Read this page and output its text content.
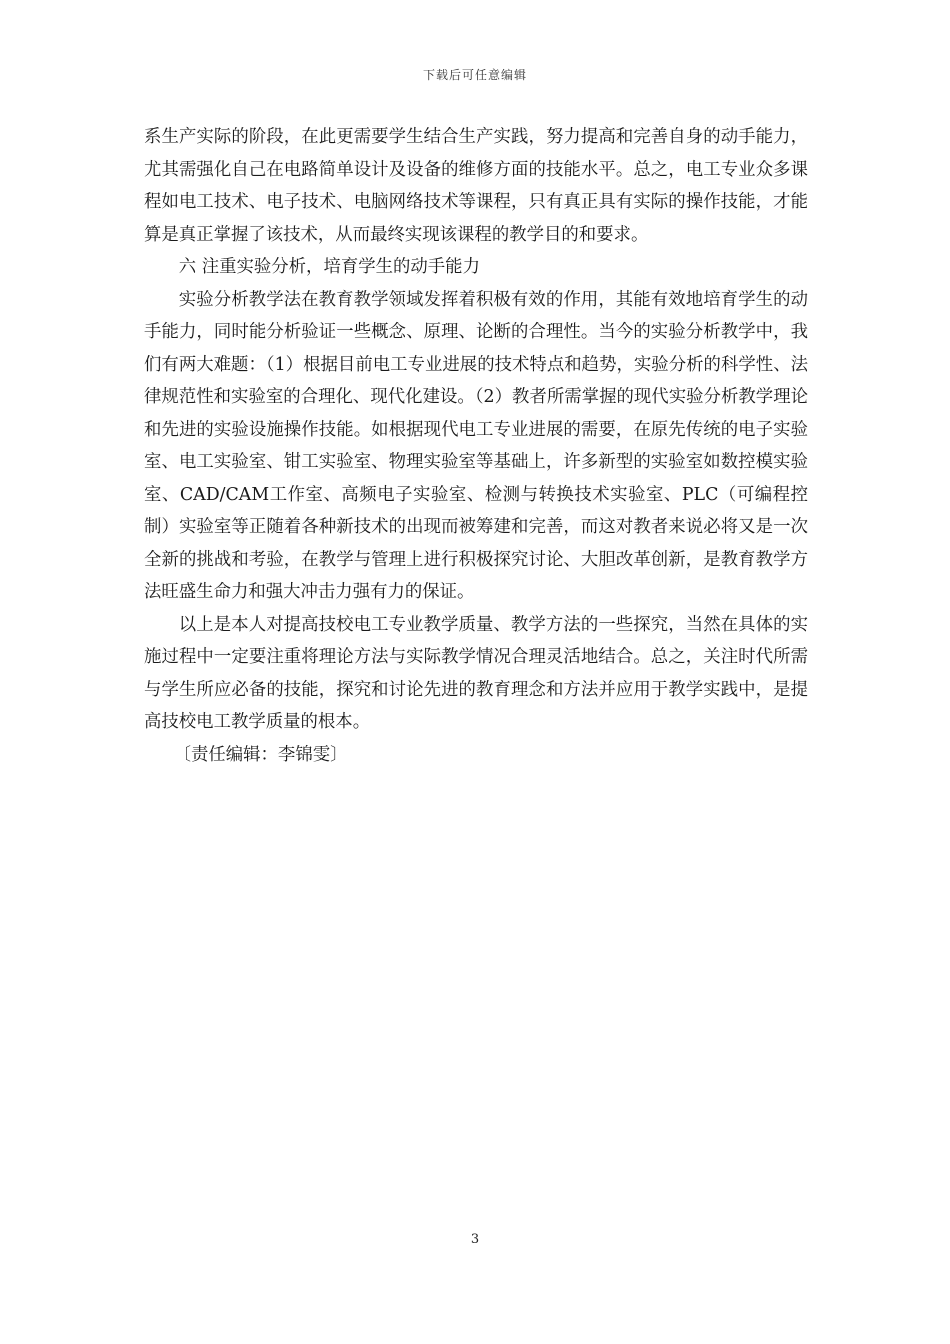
下载后可任意编辑

系生产实际的阶段，在此更需要学生结合生产实践，努力提高和完善自身的动手能力，尤其需强化自己在电路简单设计及设备的维修方面的技能水平。总之，电工专业众多课程如电工技术、电子技术、电脑网络技术等课程，只有真正具有实际的操作技能，才能算是真正掌握了该技术，从而最终实现该课程的教学目的和要求。

六 注重实验分析，培育学生的动手能力

实验分析教学法在教育教学领域发挥着积极有效的作用，其能有效地培育学生的动手能力，同时能分析验证一些概念、原理、论断的合理性。当今的实验分析教学中，我们有两大难题：（1）根据目前电工专业进展的技术特点和趋势，实验分析的科学性、法律规范性和实验室的合理化、现代化建设。（2）教者所需掌握的现代实验分析教学理论和先进的实验设施操作技能。如根据现代电工专业进展的需要，在原先传统的电子实验室、电工实验室、钳工实验室、物理实验室等基础上，许多新型的实验室如数控模实验室、CAD/CAM工作室、高频电子实验室、检测与转换技术实验室、PLC（可编程控制）实验室等正随着各种新技术的出现而被筹建和完善，而这对教者来说必将又是一次全新的挑战和考验，在教学与管理上进行积极探究讨论、大胆改革创新，是教育教学方法旺盛生命力和强大冲击力强有力的保证。

以上是本人对提高技校电工专业教学质量、教学方法的一些探究，当然在具体的实施过程中一定要注重将理论方法与实际教学情况合理灵活地结合。总之，关注时代所需与学生所应必备的技能，探究和讨论先进的教育理念和方法并应用于教学实践中，是提高技校电工教学质量的根本。

〔责任编辑：李锦雯〕

3
